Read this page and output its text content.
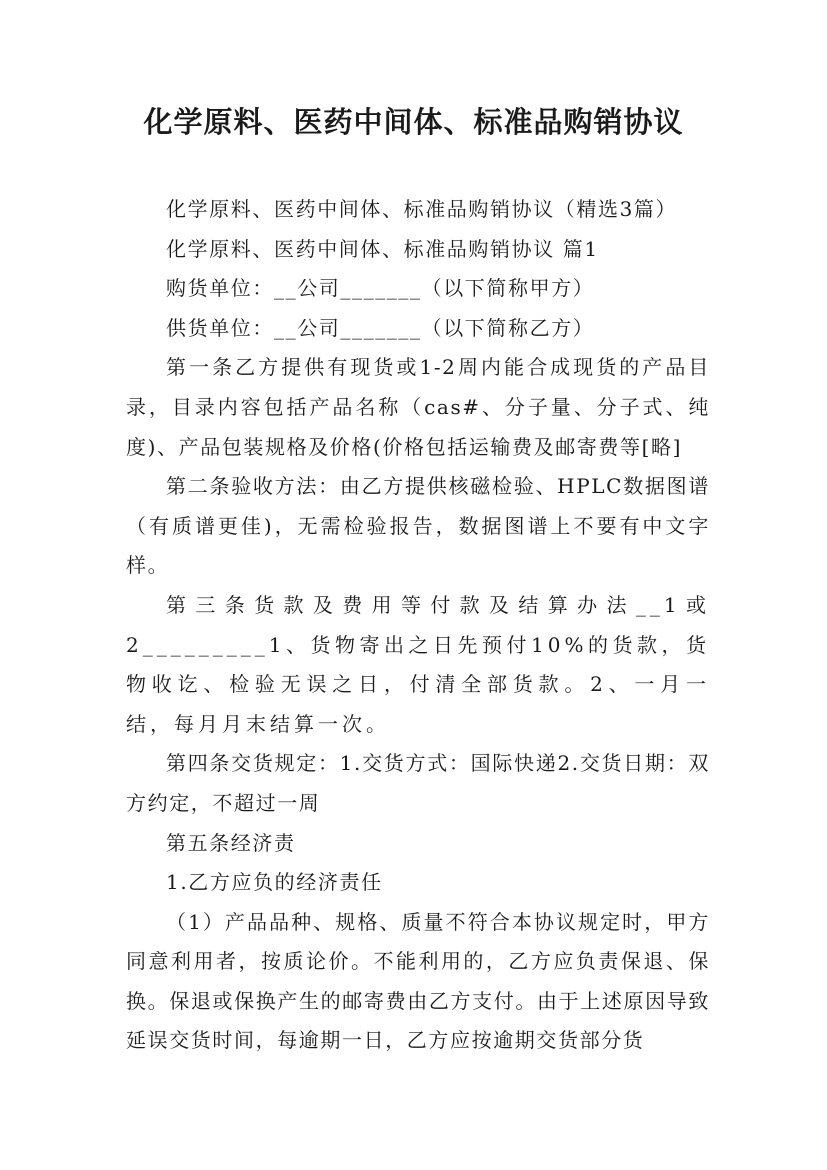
化学原料、医药中间体、标准品购销协议

化学原料、医药中间体、标准品购销协议（精选3篇）

化学原料、医药中间体、标准品购销协议 篇1

购货单位：__公司_______（以下简称甲方）

供货单位：__公司_______（以下简称乙方）

第一条乙方提供有现货或1-2周内能合成现货的产品目录，目录内容包括产品名称（cas#、分子量、分子式、纯度)、产品包装规格及价格(价格包括运输费及邮寄费等[略]

第二条验收方法：由乙方提供核磁检验、HPLC数据图谱（有质谱更佳)，无需检验报告，数据图谱上不要有中文字样。

第三条货款及费用等付款及结算办法__1或2_________1、货物寄出之日先预付10%的货款，货物收讫、检验无误之日，付清全部货款。2、一月一结，每月月末结算一次。

第四条交货规定：1.交货方式：国际快递2.交货日期：双方约定，不超过一周

第五条经济责

1.乙方应负的经济责任

（1）产品品种、规格、质量不符合本协议规定时，甲方同意利用者，按质论价。不能利用的，乙方应负责保退、保换。保退或保换产生的邮寄费由乙方支付。由于上述原因导致延误交货时间，每逾期一日，乙方应按逾期交货部分货
